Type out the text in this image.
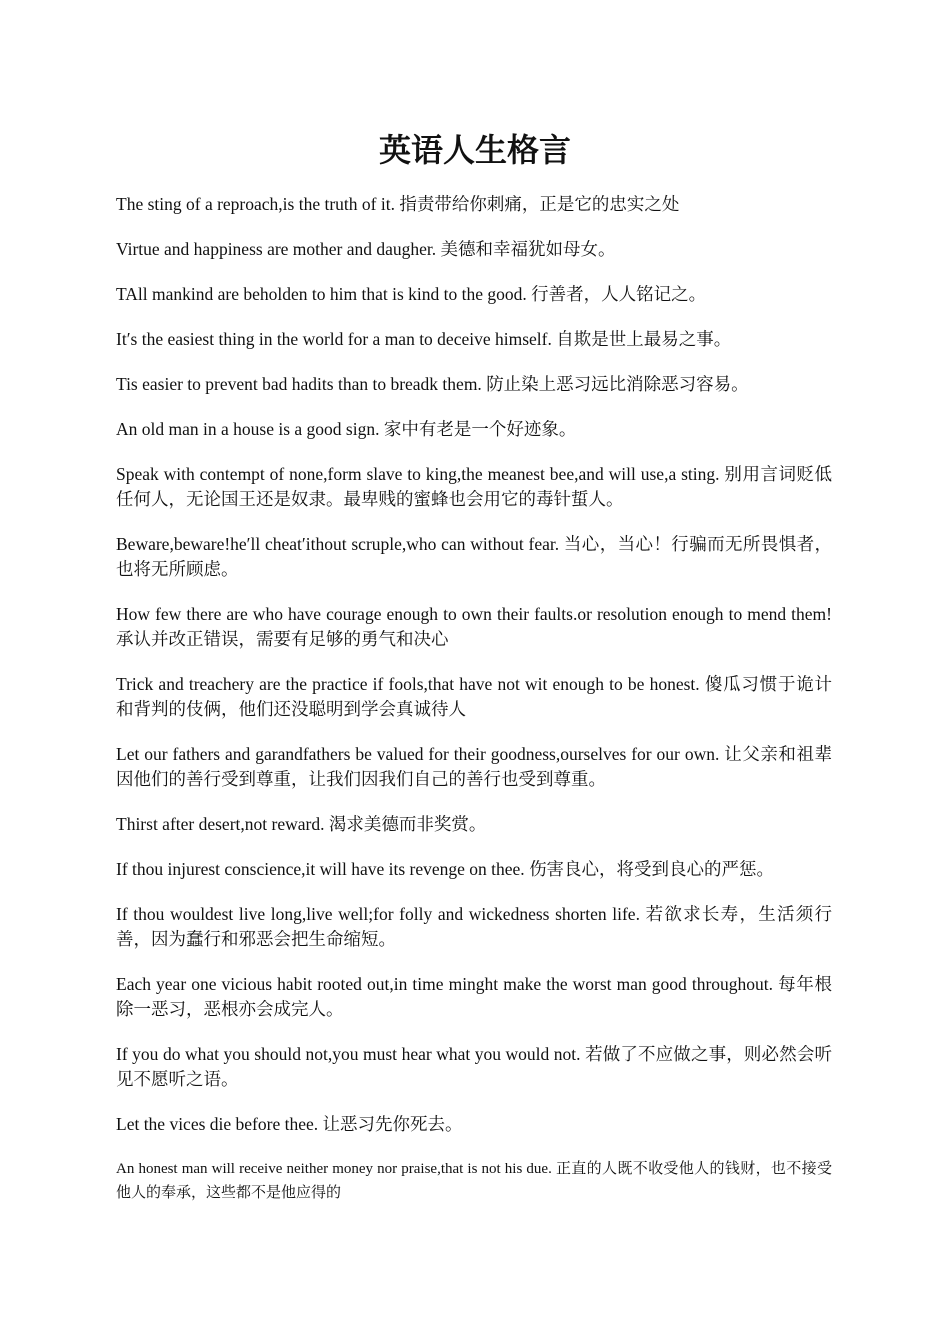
英语人生格言

The sting of a reproach,is the truth of it. 指责带给你刺痛，正是它的忠实之处

Virtue and happiness are mother and daugher. 美德和幸福犹如母女。

TAll mankind are beholden to him that is kind to the good. 行善者，人人铭记之。

It′s the easiest thing in the world for a man to deceive himself. 自欺是世上最易之事。

Tis easier to prevent bad hadits than to breadk them. 防止染上恶习远比消除恶习容易。

An old man in a house is a good sign. 家中有老是一个好迹象。

Speak with contempt of none,form slave to king,the meanest bee,and will use,a sting. 别用言词贬低任何人，无论国王还是奴隶。最卑贱的蜜蜂也会用它的毒针蜇人。

Beware,beware!he′ll cheat′ithout scruple,who can without fear. 当心，当心！行骗而无所畏惧者，也将无所顾虑。

How few there are who have courage enough to own their faults.or resolution enough to mend them! 承认并改正错误，需要有足够的勇气和决心

Trick and treachery are the practice if fools,that have not wit enough to be honest. 傻瓜习惯于诡计和背判的伎俩，他们还没聪明到学会真诚待人

Let our fathers and garandfathers be valued for their goodness,ourselves for our own. 让父亲和祖辈因他们的善行受到尊重，让我们因我们自己的善行也受到尊重。

Thirst after desert,not reward. 渴求美德而非奖赏。

If thou injurest conscience,it will have its revenge on thee. 伤害良心，将受到良心的严惩。

If thou wouldest live long,live well;for folly and wickedness shorten life. 若欲求长寿，生活须行善，因为蠢行和邪恶会把生命缩短。

Each year one vicious habit rooted out,in time minght make the worst man good throughout. 每年根除一恶习，恶根亦会成完人。

If you do what you should not,you must hear what you would not. 若做了不应做之事，则必然会听见不愿听之语。

Let the vices die before thee. 让恶习先你死去。

An honest man will receive neither money nor praise,that is not his due. 正直的人既不收受他人的钱财，也不接受他人的奉承，这些都不是他应得的
